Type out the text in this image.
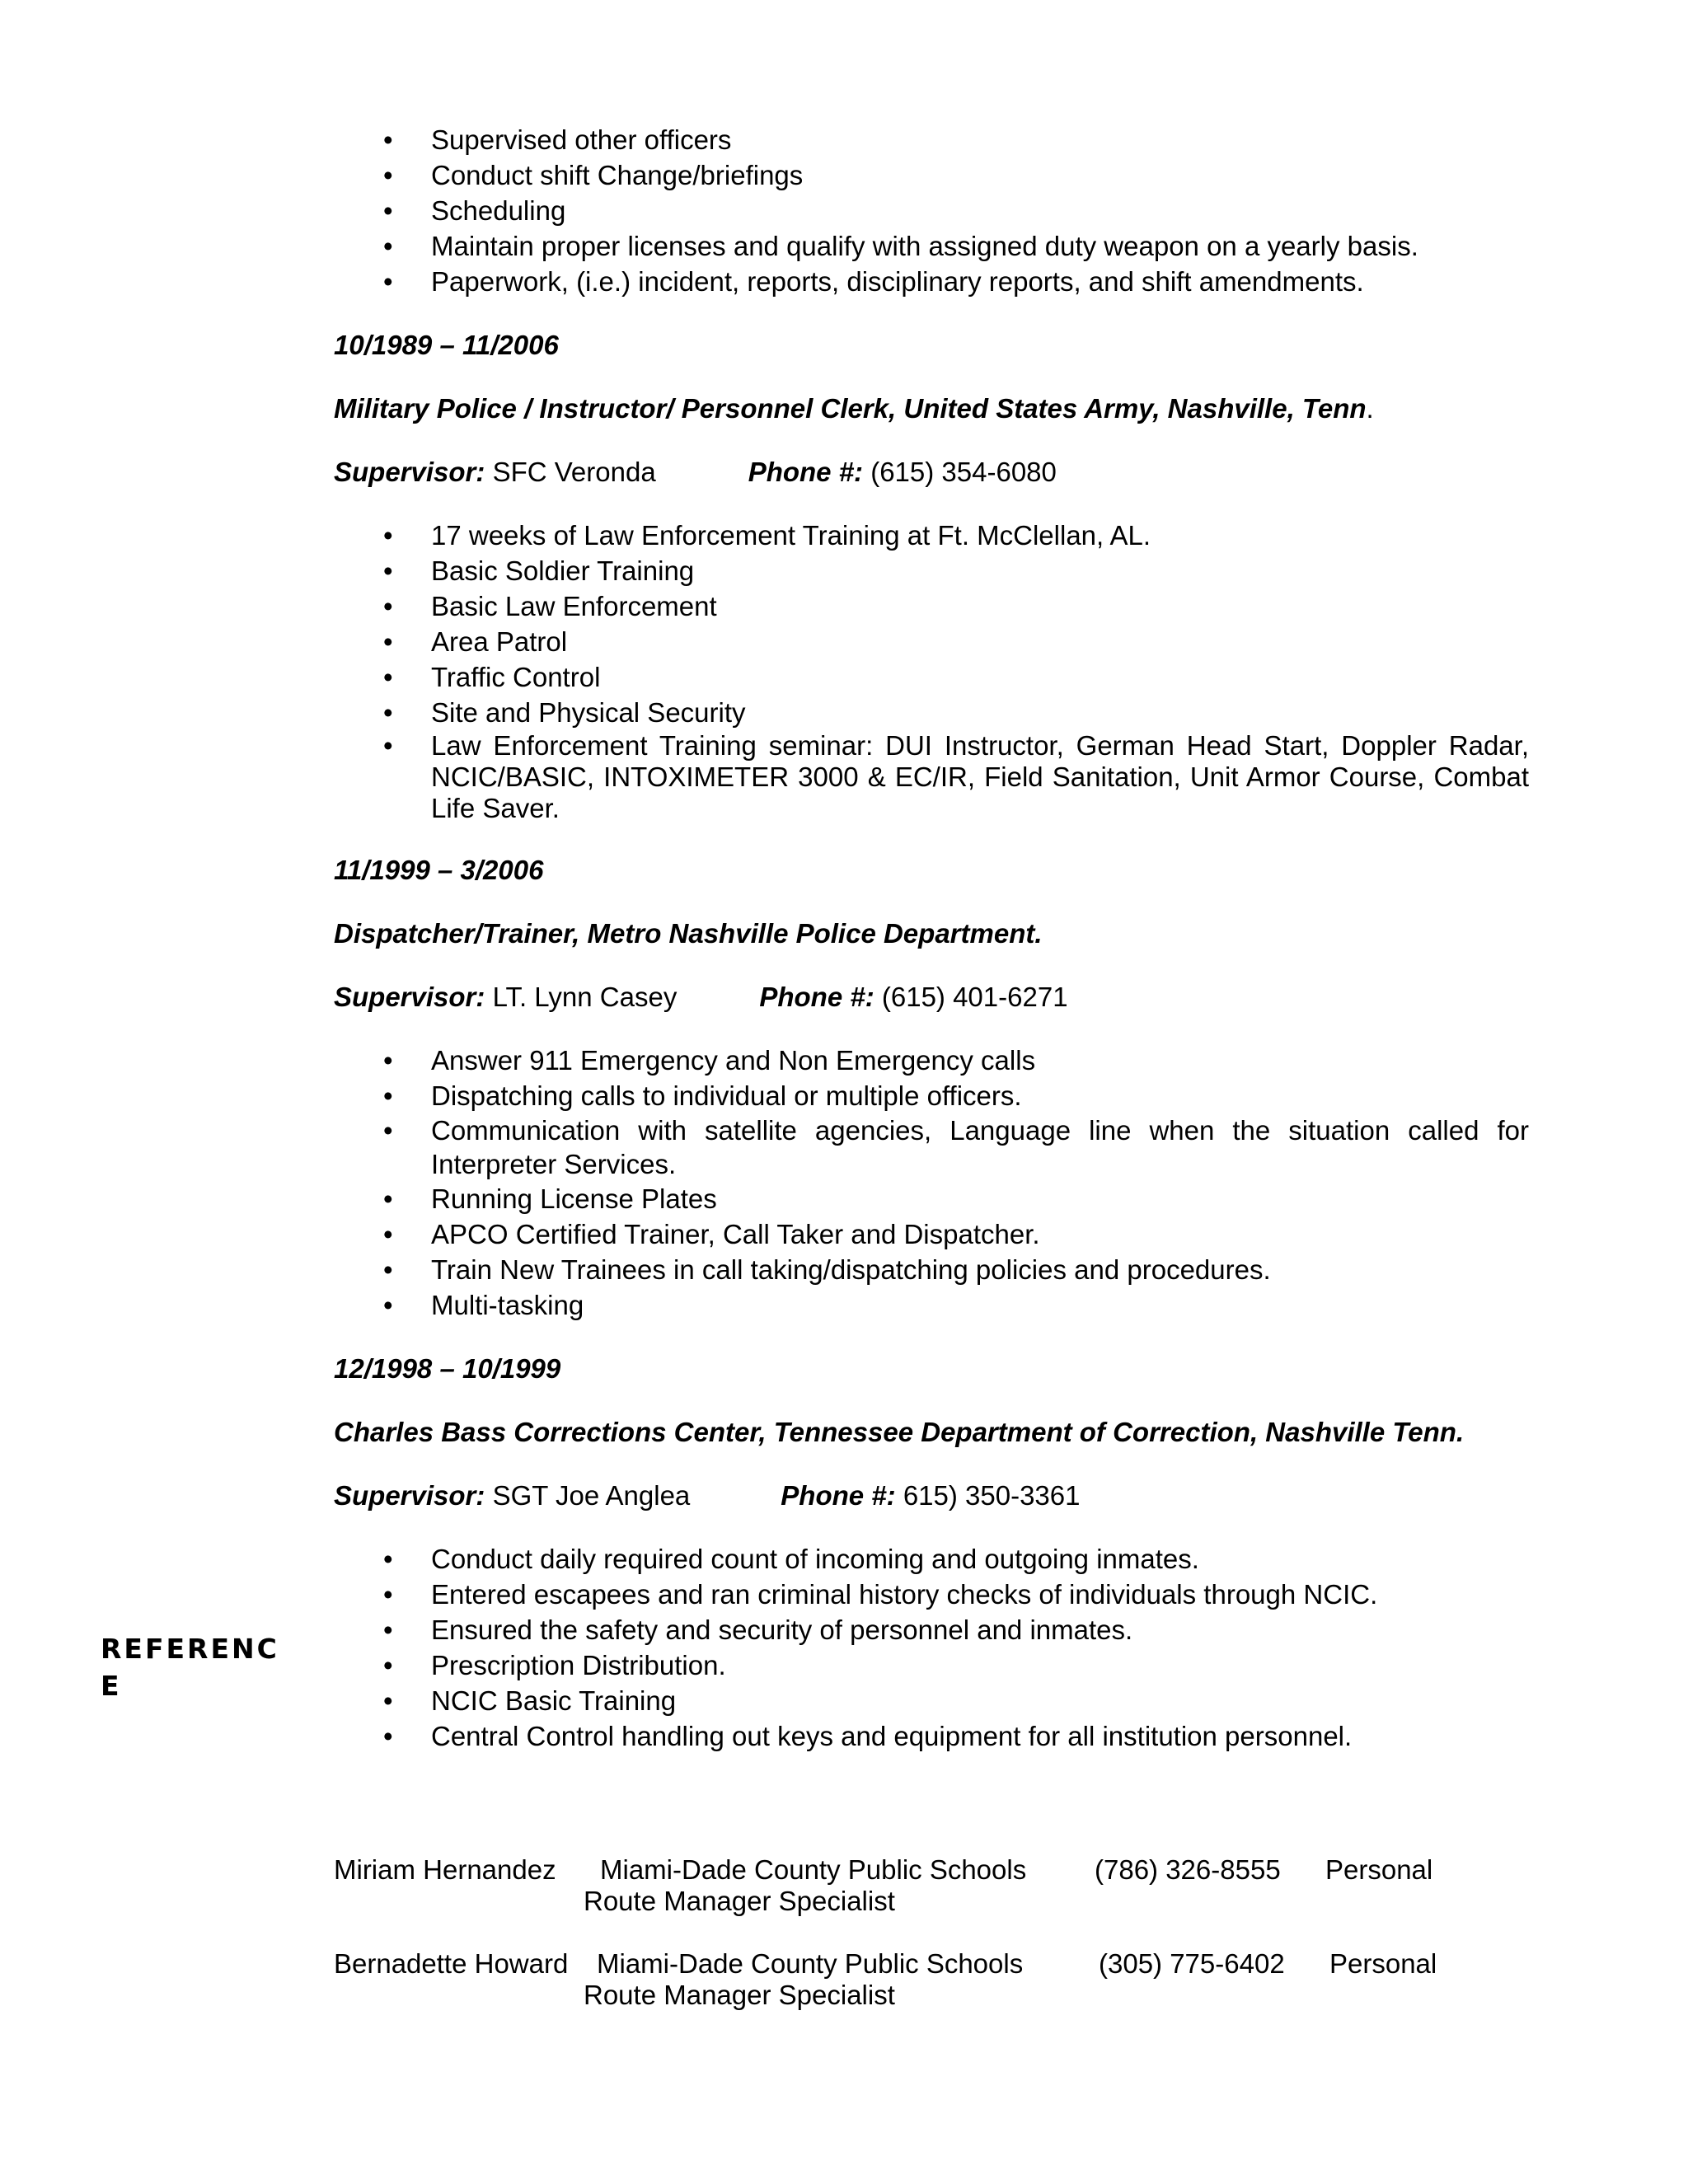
• Supervised other officers
• Conduct shift Change/briefings
• Scheduling
• Maintain proper licenses and qualify with assigned duty weapon on a yearly basis.
• Paperwork, (i.e.) incident, reports, disciplinary reports, and shift amendments.

10/1989 – 11/2006

Military Police / Instructor/ Personnel Clerk, United States Army, Nashville, Tenn.

Supervisor: SFC Veronda	Phone #: (615) 354-6080

• 17 weeks of Law Enforcement Training at Ft. McClellan, AL.
• Basic Soldier Training
• Basic Law Enforcement
• Area Patrol
• Traffic Control
• Site and Physical Security
• Law Enforcement Training seminar: DUI Instructor, German Head Start, Doppler Radar, NCIC/BASIC, INTOXIMETER 3000 & EC/IR, Field Sanitation, Unit Armor Course, Combat Life Saver.

11/1999 – 3/2006

Dispatcher/Trainer, Metro Nashville Police Department.

Supervisor: LT. Lynn Casey	Phone #: (615) 401-6271

• Answer 911 Emergency and Non Emergency calls
• Dispatching calls to individual or multiple officers.
• Communication with satellite agencies, Language line when the situation called for Interpreter Services.
• Running License Plates
• APCO Certified Trainer, Call Taker and Dispatcher.
• Train New Trainees in call taking/dispatching policies and procedures.
• Multi-tasking

12/1998 – 10/1999

Charles Bass Corrections Center, Tennessee Department of Correction, Nashville Tenn.

Supervisor: SGT Joe Anglea	Phone #: 615) 350-3361

• Conduct daily required count of incoming and outgoing inmates.
• Entered escapees and ran criminal history checks of individuals through NCIC.
• Ensured the safety and security of personnel and inmates.
• Prescription Distribution.
• NCIC Basic Training
• Central Control handling out keys and equipment for all institution personnel.
REFERENCE
Miriam Hernandez Miami-Dade County Public Schools	(786) 326-8555 Personal
Route Manager Specialist
Bernadette Howard Miami-Dade County Public Schools	(305) 775-6402 Personal
Route Manager Specialist
